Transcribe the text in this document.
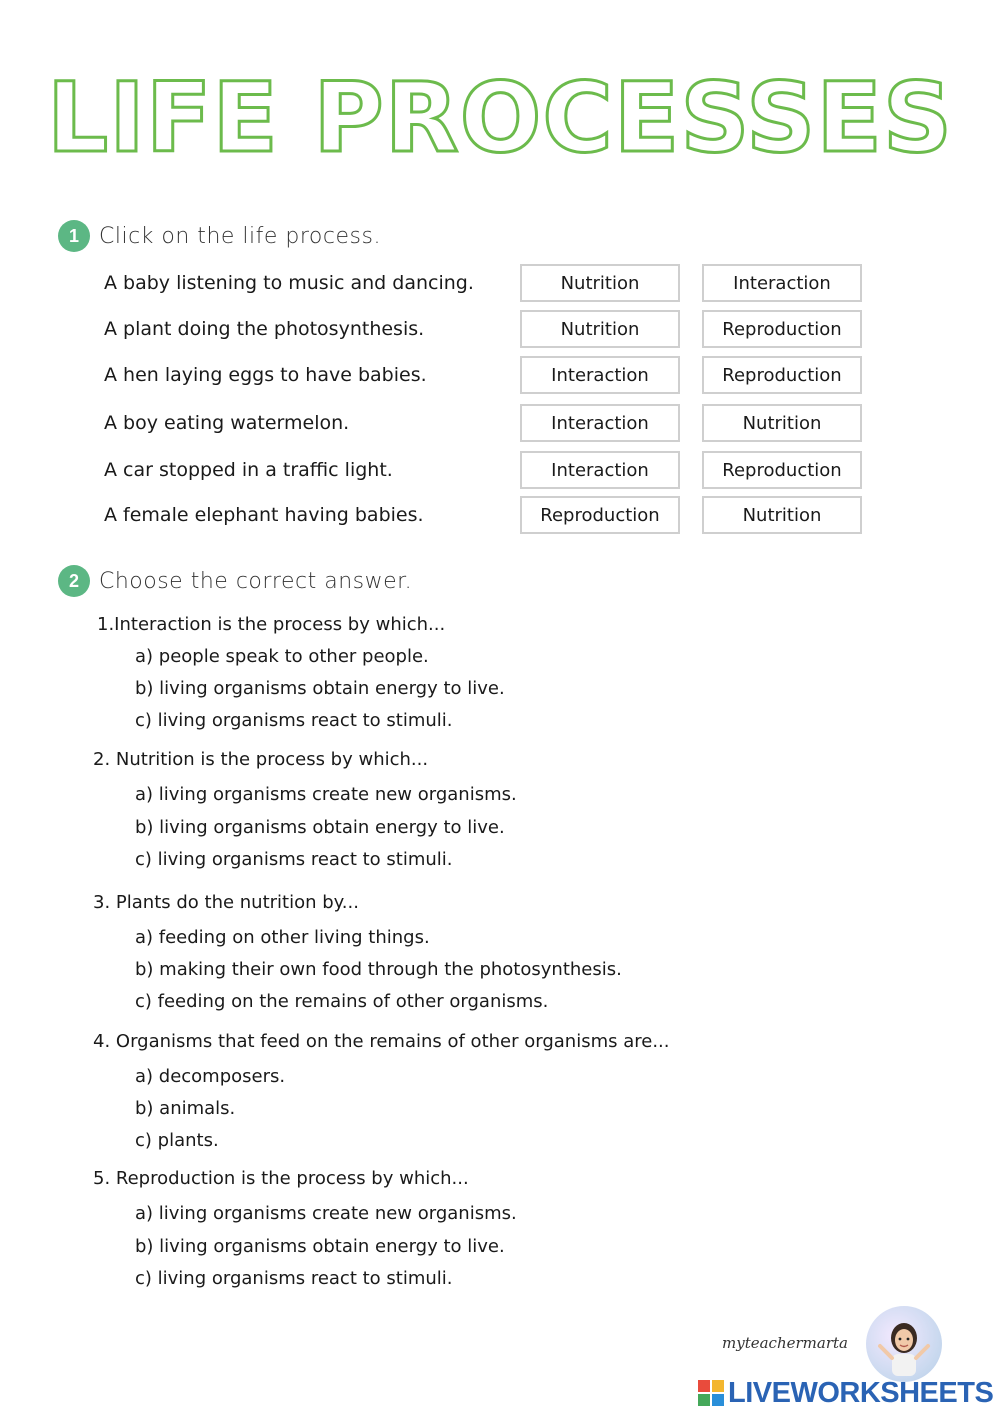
LIFE PROCESSES
1 Click on the life process.
A baby listening to music and dancing.	Nutrition	Interaction
A plant doing the photosynthesis.	Nutrition	Reproduction
A hen laying eggs to have babies.	Interaction	Reproduction
A boy eating watermelon.	Interaction	Nutrition
A car stopped in a traffic light.	Interaction	Reproduction
A female elephant having babies.	Reproduction	Nutrition
2 Choose the correct answer.
1.Interaction is the process by which...
a) people speak to other people.
b) living organisms obtain energy to live.
c) living organisms react to stimuli.
2. Nutrition is the process by which...
a) living organisms create new organisms.
b) living organisms obtain energy to live.
c) living organisms react to stimuli.
3. Plants do the nutrition by...
a) feeding on other living things.
b) making their own food through the photosynthesis.
c) feeding on the remains of other organisms.
4. Organisms that feed on the remains of other organisms are...
a) decomposers.
b) animals.
c) plants.
5. Reproduction is the process by which...
a) living organisms create new organisms.
b) living organisms obtain energy to live.
c) living organisms react to stimuli.
myteachermarta
LIVEWORKSHEETS
